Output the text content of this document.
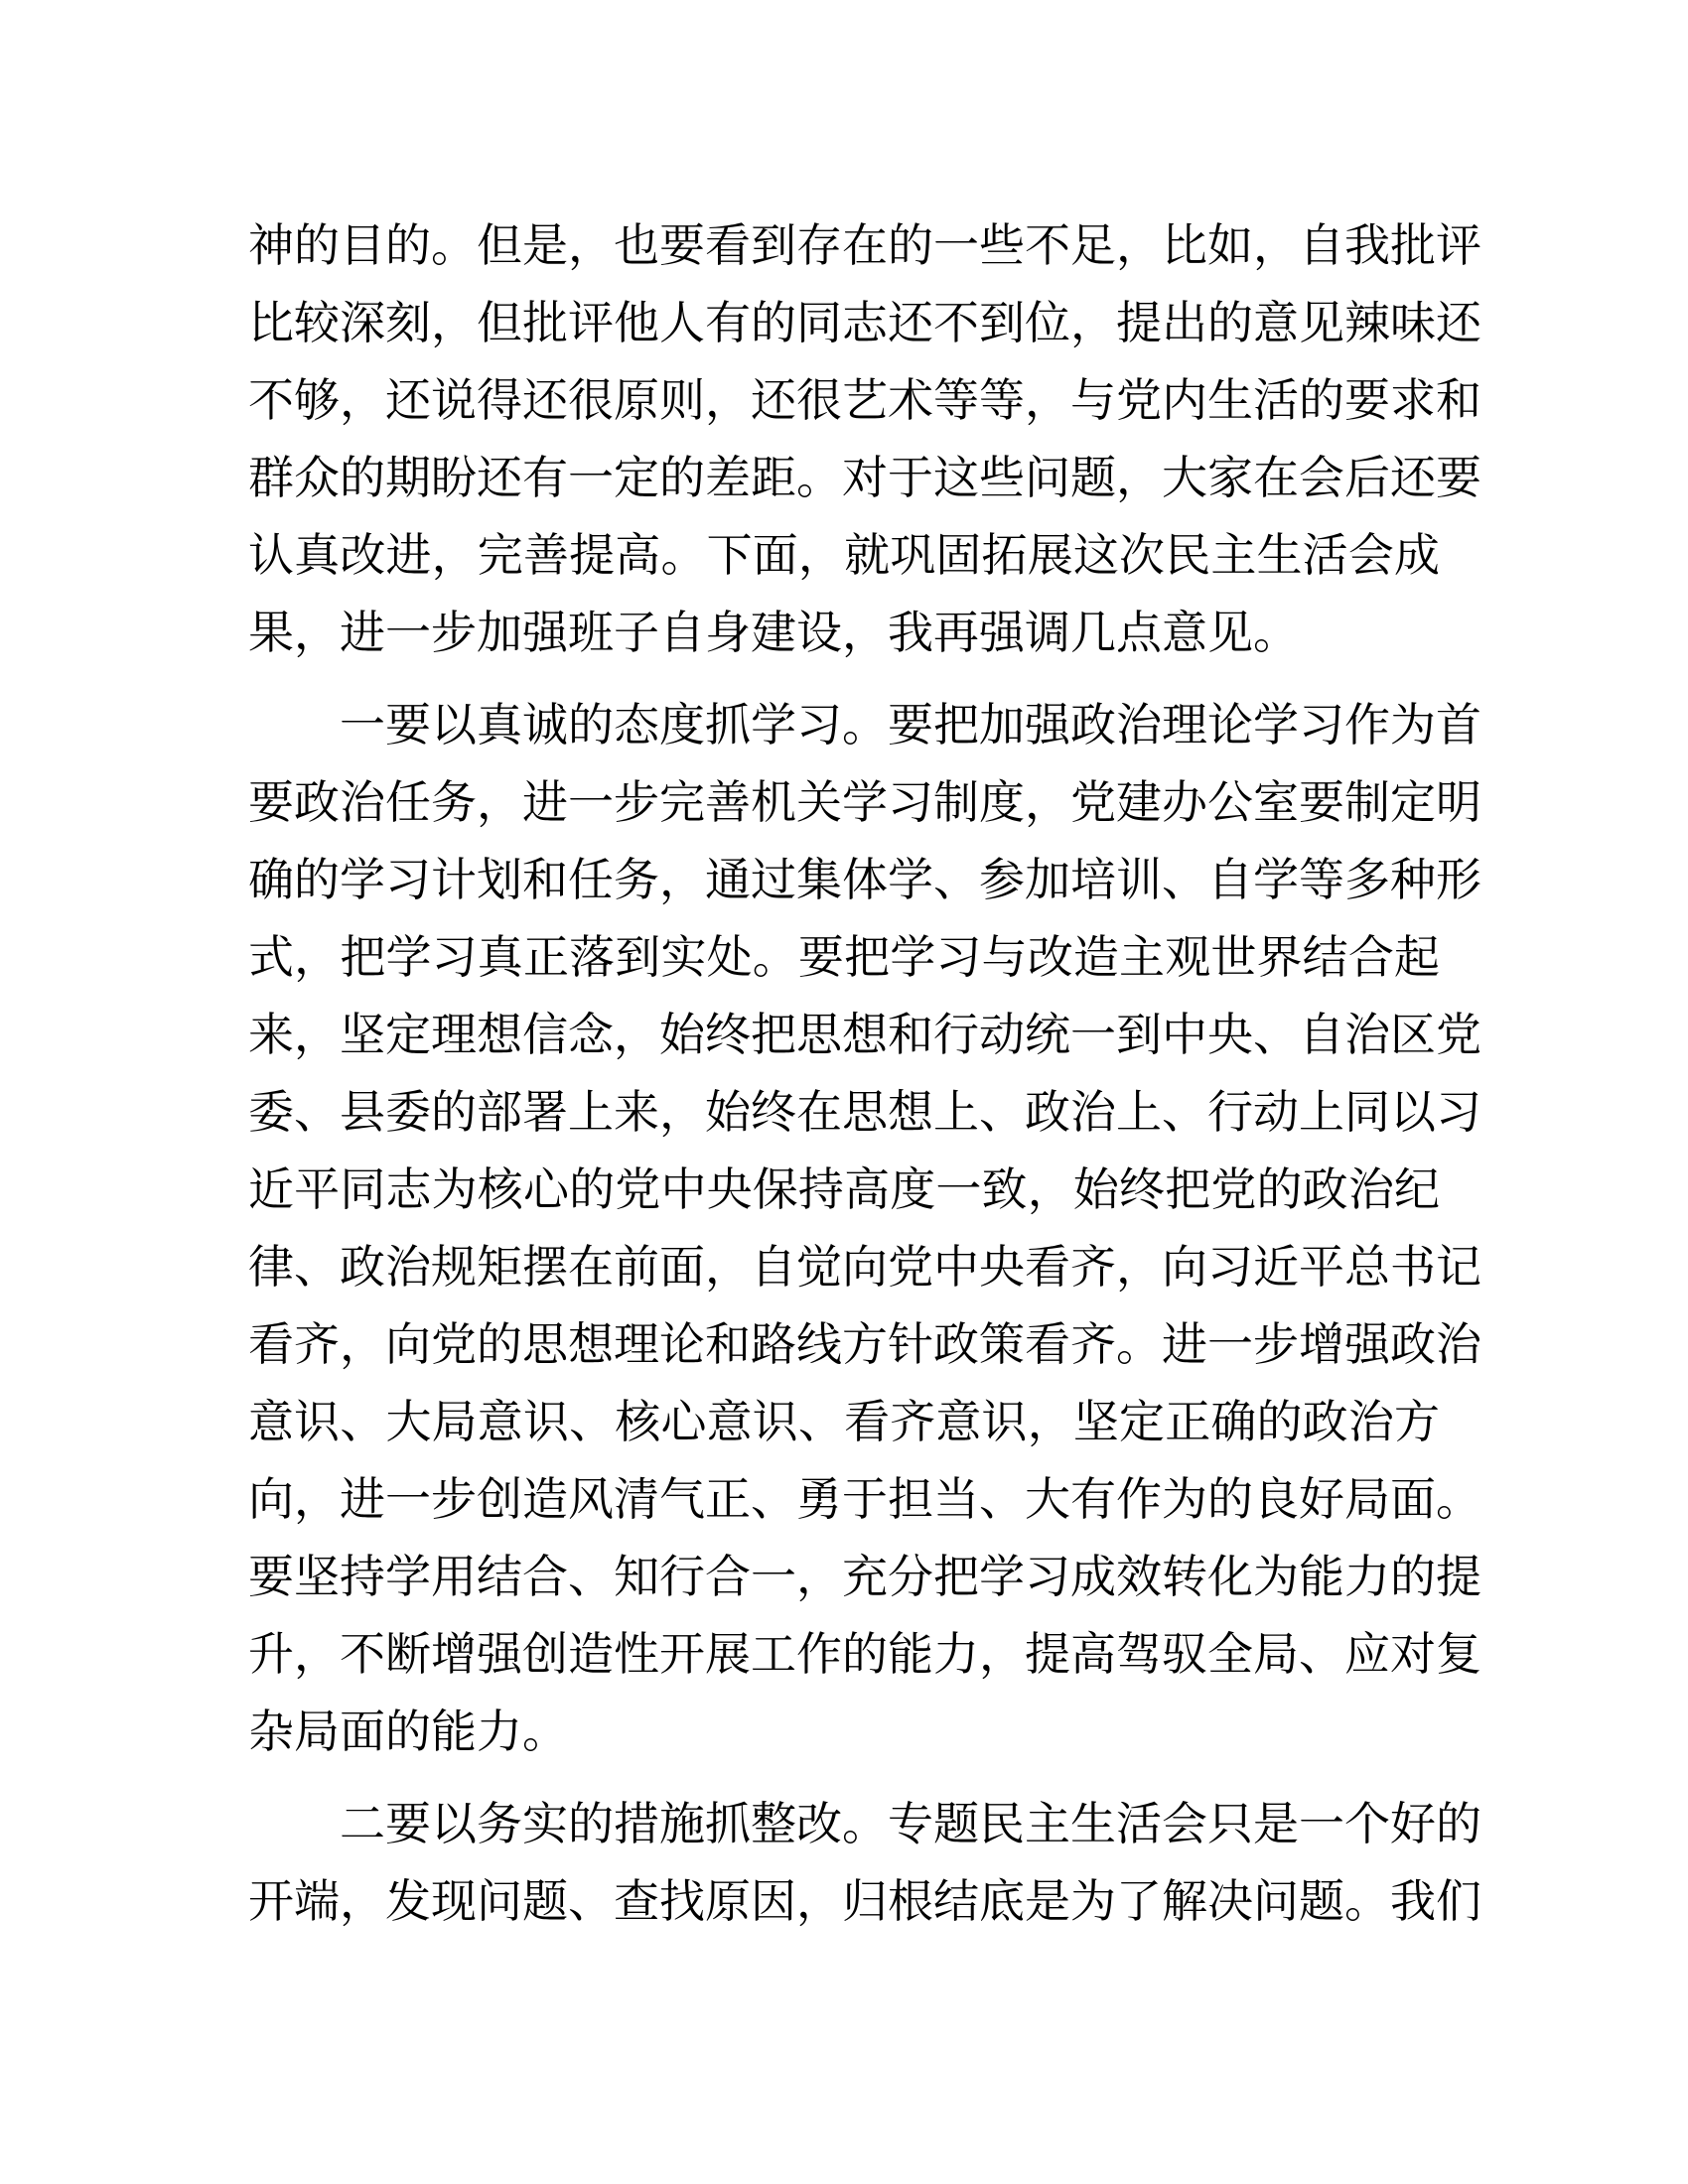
神的目的。但是，也要看到存在的一些不足，比如，自我批评
比较深刻，但批评他人有的同志还不到位，提出的意见辣味还
不够，还说得还很原则，还很艺术等等，与党内生活的要求和
群众的期盼还有一定的差距。对于这些问题，大家在会后还要
认真改进，完善提高。下面，就巩固拓展这次民主生活会成
果，进一步加强班子自身建设，我再强调几点意见。
一要以真诚的态度抓学习。要把加强政治理论学习作为首
要政治任务，进一步完善机关学习制度，党建办公室要制定明
确的学习计划和任务，通过集体学、参加培训、自学等多种形
式，把学习真正落到实处。要把学习与改造主观世界结合起
来，坚定理想信念，始终把思想和行动统一到中央、自治区党
委、县委的部署上来，始终在思想上、政治上、行动上同以习
近平同志为核心的党中央保持高度一致，始终把党的政治纪
律、政治规矩摆在前面，自觉向党中央看齐，向习近平总书记
看齐，向党的思想理论和路线方针政策看齐。进一步增强政治
意识、大局意识、核心意识、看齐意识，坚定正确的政治方
向，进一步创造风清气正、勇于担当、大有作为的良好局面。
要坚持学用结合、知行合一，充分把学习成效转化为能力的提
升，不断增强创造性开展工作的能力，提高驾驭全局、应对复
杂局面的能力。
二要以务实的措施抓整改。专题民主生活会只是一个好的
开端，发现问题、查找原因，归根结底是为了解决问题。我们
